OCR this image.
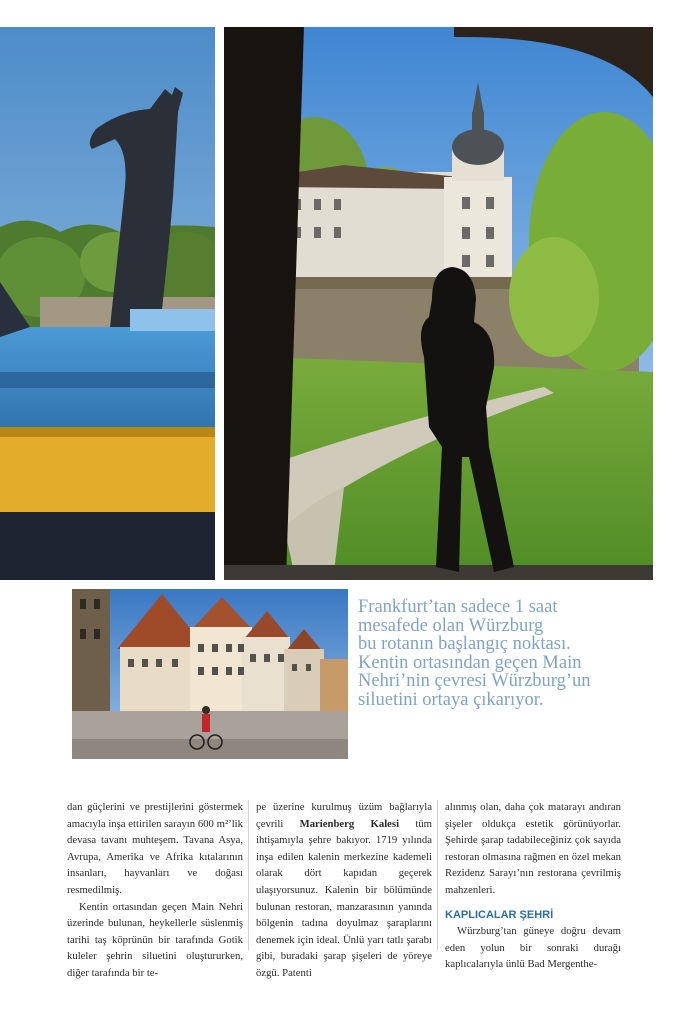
Frankfurt’tan sadece 1 saat

mesafede olan Würzburg

bu rotanın başlangıç noktası.

Kentin ortasından geçen Main

Nehri’nin çevresi Würzburg’un

siluetini ortaya çıkarıyor.

dan güçlerini ve prestijlerini göstermek amacıyla inşa ettirilen sarayın 600 m²’lik devasa tavanı muhteşem. Tavana Asya, Avrupa, Amerika ve Afrika kıtalarının insanları, hayvanları ve doğası resmedilmiş.

Kentin ortasından geçen Main Nehri üzerinde bulunan, heykellerle süslenmiş tarihi taş köprünün bir tarafında Gotik kuleler şehrin siluetini oluştururken, diğer tarafında bir te-

pe üzerine kurulmuş üzüm bağlarıyla çevrili Marienberg Kalesi tüm ihtişamıyla şehre bakıyor. 1719 yılında inşa edilen kalenin merkezine kademeli olarak dört kapıdan geçerek ulaşıyorsunuz. Kalenin bir bölümünde bulunan restoran, manzarasının yanında bölgenin tadına doyulmaz şaraplarını denemek için ideal. Ünlü yarı tatlı şarabı gibi, buradaki şarap şişeleri de yöreye özgü. Patenti

alınmış olan, daha çok matarayı andıran şişeler oldukça estetik görünüyorlar. Şehirde şarap tadabileceğiniz çok sayıda restoran olmasına rağmen en özel mekan Rezidenz Sarayı’nın restorana çevrilmiş mahzenleri.

KAPLICALAR ŞEHRİ

Würzburg’tan güneye doğru devam eden yolun bir sonraki durağı kaplıcalarıyla ünlü Bad Mergenthe-
